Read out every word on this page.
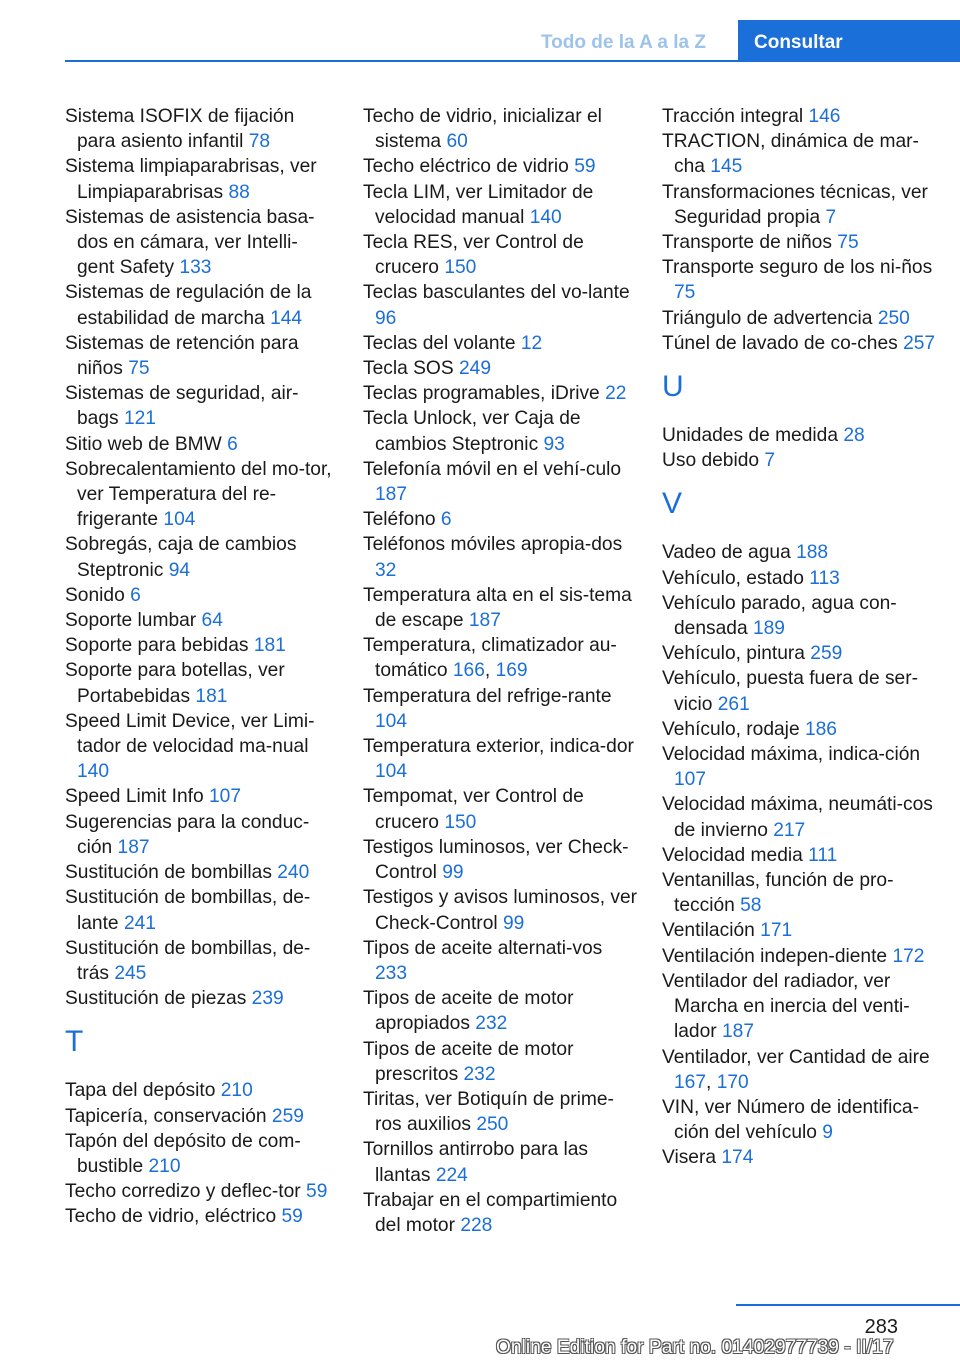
Todo de la A a la Z	Consultar

Sistema ISOFIX de fijación para asiento infantil 78

Sistema limpiaparabrisas, ver Limpiaparabrisas 88

Sistemas de asistencia basa‐dos en cámara, ver Intelli‐gent Safety 133

Sistemas de regulación de la estabilidad de marcha 144

Sistemas de retención para niños 75

Sistemas de seguridad, air‐bags 121

Sitio web de BMW 6

Sobrecalentamiento del mo‐tor, ver Temperatura del re‐frigerante 104

Sobregás, caja de cambios Steptronic 94

Sonido 6

Soporte lumbar 64

Soporte para bebidas 181

Soporte para botellas, ver Portabebidas 181

Speed Limit Device, ver Limi‐tador de velocidad ma‐nual 140

Speed Limit Info 107

Sugerencias para la conduc‐ción 187

Sustitución de bombillas 240

Sustitución de bombillas, de‐lante 241

Sustitución de bombillas, de‐trás 245

Sustitución de piezas 239

T

Tapa del depósito 210

Tapicería, conservación 259

Tapón del depósito de com‐bustible 210

Techo corredizo y deflec‐tor 59

Techo de vidrio, eléctrico 59

Techo de vidrio, inicializar el sistema 60

Techo eléctrico de vidrio 59

Tecla LIM, ver Limitador de velocidad manual 140

Tecla RES, ver Control de crucero 150

Teclas basculantes del vo‐lante 96

Teclas del volante 12

Tecla SOS 249

Teclas programables, iDrive 22

Tecla Unlock, ver Caja de cambios Steptronic 93

Telefonía móvil en el vehí‐culo 187

Teléfono 6

Teléfonos móviles apropia‐dos 32

Temperatura alta en el sis‐tema de escape 187

Temperatura, climatizador au‐tomático 166, 169

Temperatura del refrige‐rante 104

Temperatura exterior, indica‐dor 104

Tempomat, ver Control de crucero 150

Testigos luminosos, ver Check-Control 99

Testigos y avisos luminosos, ver Check-Control 99

Tipos de aceite alternati‐vos 233

Tipos de aceite de motor apropiados 232

Tipos de aceite de motor prescritos 232

Tiritas, ver Botiquín de prime‐ros auxilios 250

Tornillos antirrobo para las llantas 224

Trabajar en el compartimiento del motor 228

Tracción integral 146

TRACTION, dinámica de mar‐cha 145

Transformaciones técnicas, ver Seguridad propia 7

Transporte de niños 75

Transporte seguro de los ni‐ños 75

Triángulo de advertencia 250

Túnel de lavado de co‐ches 257

U

Unidades de medida 28

Uso debido 7

V

Vadeo de agua 188

Vehículo, estado 113

Vehículo parado, agua con‐densada 189

Vehículo, pintura 259

Vehículo, puesta fuera de ser‐vicio 261

Vehículo, rodaje 186

Velocidad máxima, indica‐ción 107

Velocidad máxima, neumáti‐cos de invierno 217

Velocidad media 111

Ventanillas, función de pro‐tección 58

Ventilación 171

Ventilación indepen‐diente 172

Ventilador del radiador, ver Marcha en inercia del venti‐lador 187

Ventilador, ver Cantidad de aire 167, 170

VIN, ver Número de identifica‐ción del vehículo 9

Visera 174

283
Online Edition for Part no. 01402977739 - II/17
